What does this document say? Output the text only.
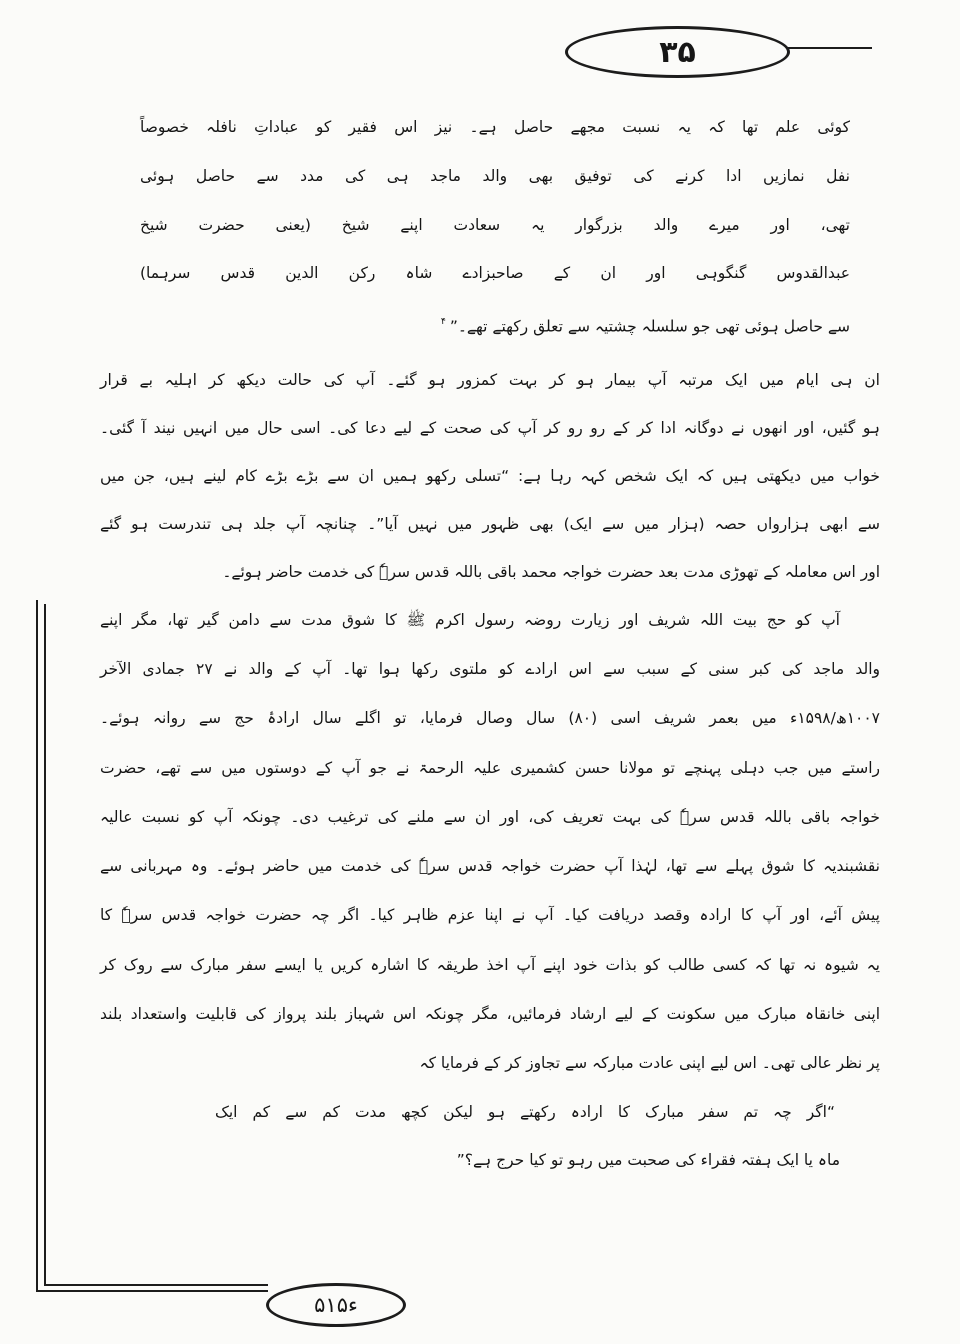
۳۵
کوئی علم تھا کہ یہ نسبت مجھے حاصل ہے۔ نیز اس فقیر کو عباداتِ نافلہ خصوصاً
نفل نمازیں ادا کرنے کی توفیق بھی والد ماجد ہی کی مدد سے حاصل ہوئی
تھی، اور میرے والد بزرگوار یہ سعادت اپنے شیخ (یعنی حضرت شیخ
عبدالقدوس گنگوہی اور ان کے صاحبزادے شاہ رکن الدین قدس سرہما)
سے حاصل ہوئی تھی جو سلسلہ چشتیہ سے تعلق رکھتے تھے۔”$^۴$
ان ہی ایام میں ایک مرتبہ آپ بیمار ہو کر بہت کمزور ہو گئے۔ آپ کی حالت دیکھ کر اہلیہ بے قرار
ہو گئیں، اور انھوں نے دوگانہ ادا کر کے رو رو کر آپ کی صحت کے لیے دعا کی۔ اسی حال میں انہیں نیند آ گئی۔
خواب میں دیکھتی ہیں کہ ایک شخص کہہ رہا ہے: “تسلی رکھو ہمیں ان سے بڑے بڑے کام لینے ہیں، جن میں
سے ابھی ہزارواں حصہ (ہزار میں سے ایک) بھی ظہور میں نہیں آیا”۔ چنانچہ آپ جلد ہی تندرست ہو گئے
اور اس معاملہ کے تھوڑی مدت بعد حضرت خواجہ محمد باقی باللہ قدس سرہٗ کی خدمت حاضر ہوئے۔
آپ کو حج بیت اللہ شریف اور زیارت روضہ رسول اکرم ﷺ کا شوق مدت سے دامن گیر تھا، مگر اپنے
والد ماجد کی کبر سنی کے سبب سے اس ارادے کو ملتوی رکھا ہوا تھا۔ آپ کے والد نے ۲۷ جمادی الآخر
۱۰۰۷ھ/۱۵۹۸ء میں بعمر شریف اسی (۸۰) سال وصال فرمایا، تو اگلے سال ارادۂ حج سے روانہ ہوئے۔
راستے میں جب دہلی پہنچے تو مولانا حسن کشمیری علیہ الرحمۃ نے جو آپ کے دوستوں میں سے تھے، حضرت
خواجہ باقی باللہ قدس سرہٗ کی بہت تعریف کی، اور ان سے ملنے کی ترغیب دی۔ چونکہ آپ کو نسبت عالیہ
نقشبندیہ کا شوق پہلے سے تھا، لہٰذا آپ حضرت خواجہ قدس سرہٗ کی خدمت میں حاضر ہوئے۔ وہ مہربانی سے
پیش آئے، اور آپ کا ارادہ وقصد دریافت کیا۔ آپ نے اپنا عزم ظاہر کیا۔ اگر چہ حضرت خواجہ قدس سرہٗ کا
یہ شیوہ نہ تھا کہ کسی طالب کو بذات خود اپنے آپ اخذ طریقہ کا اشارہ کریں یا ایسے سفر مبارک سے روک کر
اپنی خانقاہ مبارک میں سکونت کے لیے ارشاد فرمائیں، مگر چونکہ اس شہباز بلند پرواز کی قابلیت واستعداد بلند
پر نظر عالی تھی۔ اس لیے اپنی عادت مبارکہ سے تجاوز کر کے فرمایا کہ
“اگر چہ تم سفر مبارک کا ارادہ رکھتے ہو لیکن کچھ مدت کم سے کم ایک
ماہ یا ایک ہفتہ فقراء کی صحبت میں رہو تو کیا حرج ہے؟”
۵۱۵ء
